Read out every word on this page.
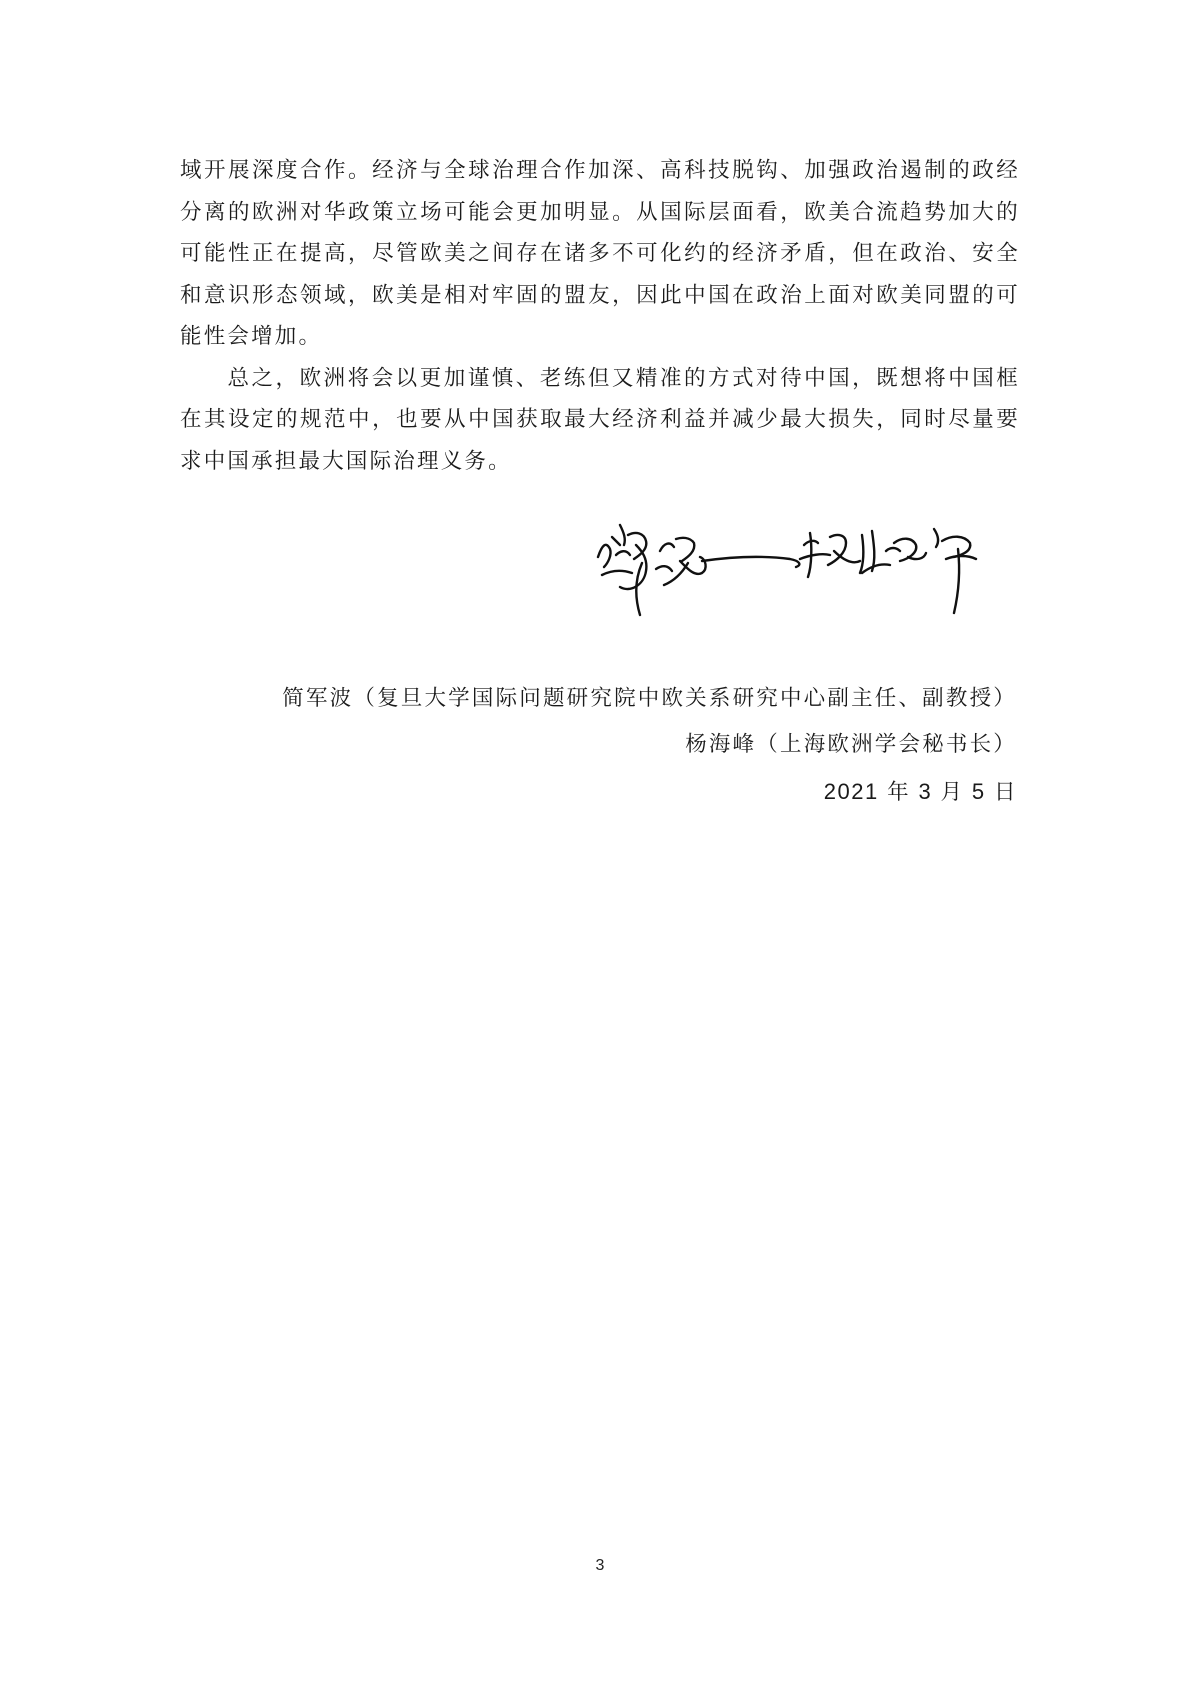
域开展深度合作。经济与全球治理合作加深、高科技脱钩、加强政治遏制的政经分离的欧洲对华政策立场可能会更加明显。从国际层面看，欧美合流趋势加大的可能性正在提高，尽管欧美之间存在诸多不可化约的经济矛盾，但在政治、安全和意识形态领域，欧美是相对牢固的盟友，因此中国在政治上面对欧美同盟的可能性会增加。

总之，欧洲将会以更加谨慎、老练但又精准的方式对待中国，既想将中国框在其设定的规范中，也要从中国获取最大经济利益并减少最大损失，同时尽量要求中国承担最大国际治理义务。

简军波（复旦大学国际问题研究院中欧关系研究中心副主任、副教授）
杨海峰（上海欧洲学会秘书长）
2021 年 3 月 5 日
3
